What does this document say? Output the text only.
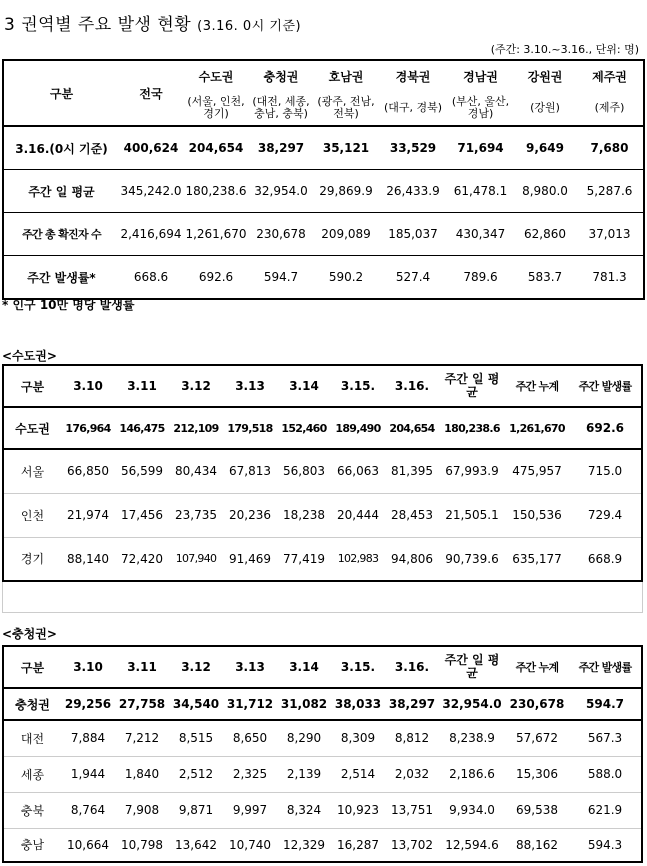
3 권역별 주요 발생 현황 (3.16. 0시 기준)
(주간: 3.10.~3.16., 단위: 명)
구분	전국	수도권	충청권	호남권	경북권	경남권	강원권	제주권
		(서울, 인천, 경기)	(대전, 세종, 충남, 충북)	(광주, 전남, 전북)	(대구, 경북)	(부산, 울산, 경남)	(강원)	(제주)
3.16.(0시 기준)	400,624	204,654	38,297	35,121	33,529	71,694	9,649	7,680
주간 일 평균	345,242.0	180,238.6	32,954.0	29,869.9	26,433.9	61,478.1	8,980.0	5,287.6
주간 총 확진자 수	2,416,694	1,261,670	230,678	209,089	185,037	430,347	62,860	37,013
주간 발생률*	668.6	692.6	594.7	590.2	527.4	789.6	583.7	781.3
* 인구 10만 명당 발생률
<수도권>
구분	3.10	3.11	3.12	3.13	3.14	3.15.	3.16.	주간 일 평균	주간 누계	주간 발생률
수도권	176,964	146,475	212,109	179,518	152,460	189,490	204,654	180,238.6	1,261,670	692.6
서울	66,850	56,599	80,434	67,813	56,803	66,063	81,395	67,993.9	475,957	715.0
인천	21,974	17,456	23,735	20,236	18,238	20,444	28,453	21,505.1	150,536	729.4
경기	88,140	72,420	107,940	91,469	77,419	102,983	94,806	90,739.6	635,177	668.9
<충청권>
구분	3.10	3.11	3.12	3.13	3.14	3.15.	3.16.	주간 일 평균	주간 누계	주간 발생률
충청권	29,256	27,758	34,540	31,712	31,082	38,033	38,297	32,954.0	230,678	594.7
대전	7,884	7,212	8,515	8,650	8,290	8,309	8,812	8,238.9	57,672	567.3
세종	1,944	1,840	2,512	2,325	2,139	2,514	2,032	2,186.6	15,306	588.0
충북	8,764	7,908	9,871	9,997	8,324	10,923	13,751	9,934.0	69,538	621.9
충남	10,664	10,798	13,642	10,740	12,329	16,287	13,702	12,594.6	88,162	594.3
